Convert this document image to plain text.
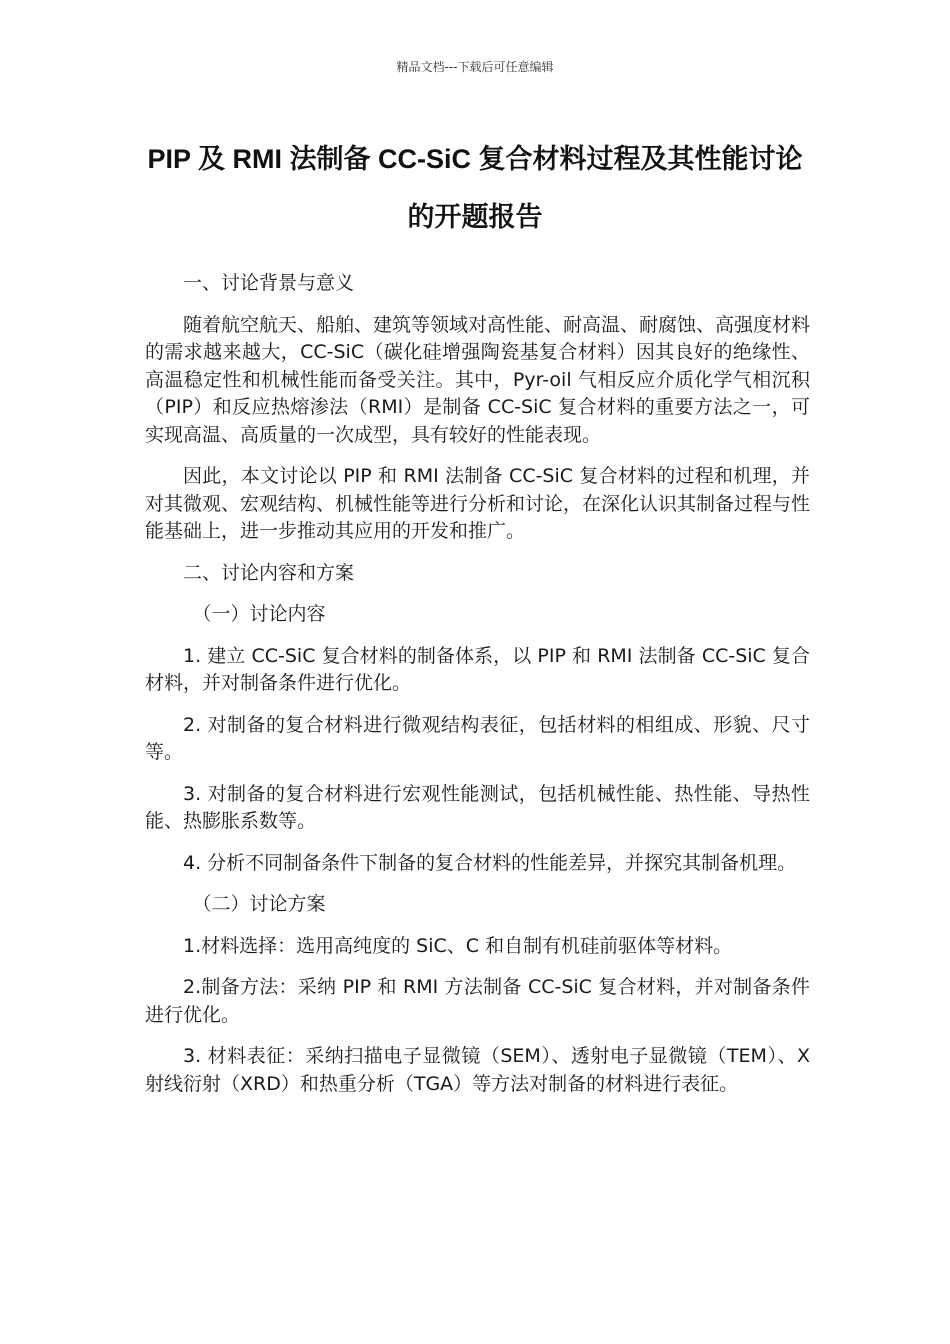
精品文档---下载后可任意编辑
PIP 及 RMI 法制备 CC-SiC 复合材料过程及其性能讨论的开题报告

一、讨论背景与意义

随着航空航天、船舶、建筑等领域对高性能、耐高温、耐腐蚀、高强度材料的需求越来越大，CC-SiC（碳化硅增强陶瓷基复合材料）因其良好的绝缘性、高温稳定性和机械性能而备受关注。其中，Pyr-oil 气相反应介质化学气相沉积（PIP）和反应热熔渗法（RMI）是制备 CC-SiC 复合材料的重要方法之一，可实现高温、高质量的一次成型，具有较好的性能表现。

因此，本文讨论以 PIP 和 RMI 法制备 CC-SiC 复合材料的过程和机理，并对其微观、宏观结构、机械性能等进行分析和讨论，在深化认识其制备过程与性能基础上，进一步推动其应用的开发和推广。

二、讨论内容和方案

（一）讨论内容

1. 建立 CC-SiC 复合材料的制备体系，以 PIP 和 RMI 法制备 CC-SiC 复合材料，并对制备条件进行优化。

2. 对制备的复合材料进行微观结构表征，包括材料的相组成、形貌、尺寸等。

3. 对制备的复合材料进行宏观性能测试，包括机械性能、热性能、导热性能、热膨胀系数等。

4. 分析不同制备条件下制备的复合材料的性能差异，并探究其制备机理。

（二）讨论方案

1.材料选择：选用高纯度的 SiC、C 和自制有机硅前驱体等材料。

2.制备方法：采纳 PIP 和 RMI 方法制备 CC-SiC 复合材料，并对制备条件进行优化。

3. 材料表征：采纳扫描电子显微镜（SEM）、透射电子显微镜（TEM）、X 射线衍射（XRD）和热重分析（TGA）等方法对制备的材料进行表征。
